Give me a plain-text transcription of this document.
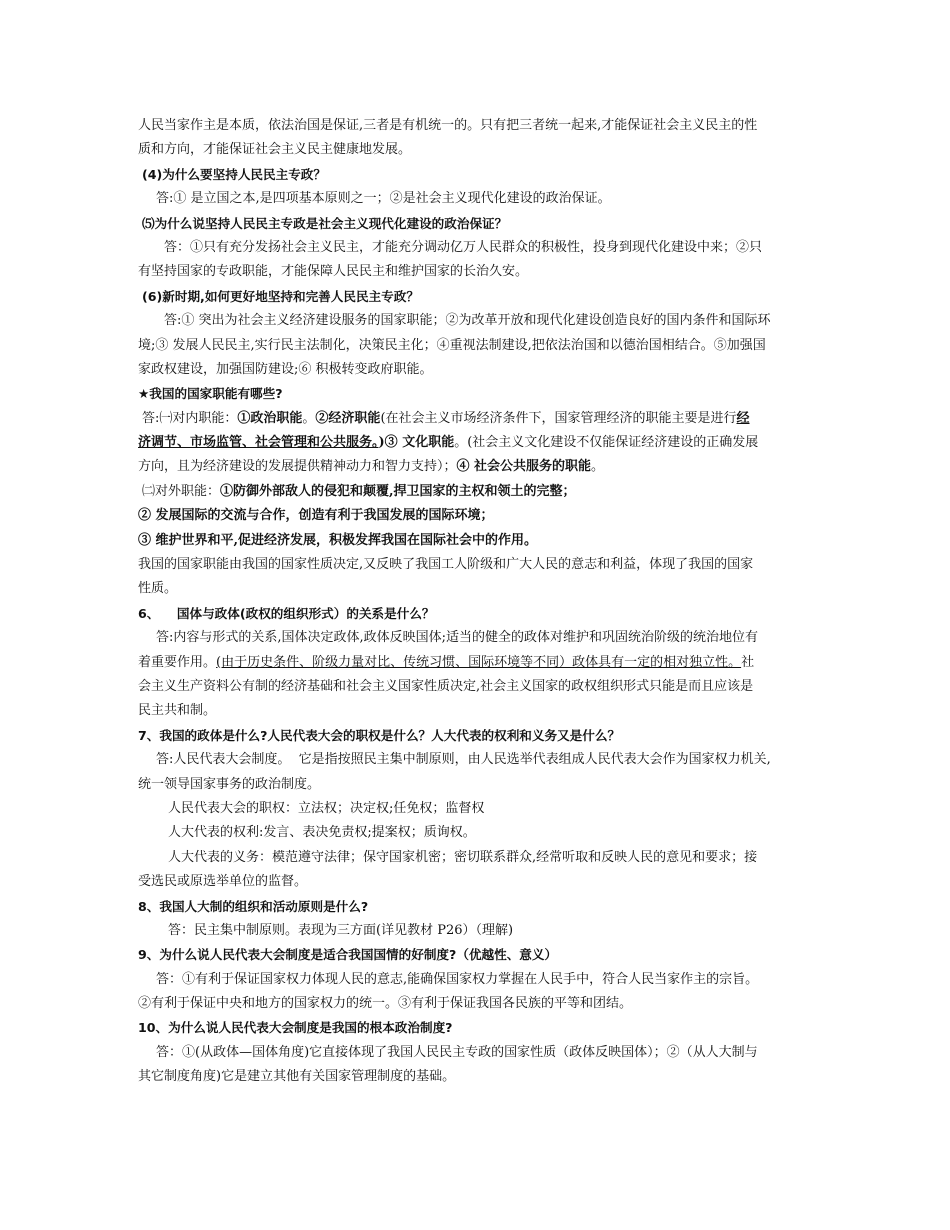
人民当家作主是本质，依法治国是保证,三者是有机统一的。只有把三者统一起来,才能保证社会主义民主的性

质和方向，才能保证社会主义民主健康地发展。

(4)为什么要坚持人民民主专政？

答:① 是立国之本,是四项基本原则之一；②是社会主义现代化建设的政治保证。

⑸为什么说坚持人民民主专政是社会主义现代化建设的政治保证？

答：①只有充分发扬社会主义民主，才能充分调动亿万人民群众的积极性，投身到现代化建设中来；②只

有坚持国家的专政职能，才能保障人民民主和维护国家的长治久安。

(6)新时期,如何更好地坚持和完善人民民主专政？

答:① 突出为社会主义经济建设服务的国家职能；②为改革开放和现代化建设创造良好的国内条件和国际环

境;③ 发展人民民主,实行民主法制化，决策民主化；④重视法制建设,把依法治国和以德治国相结合。⑤加强国

家政权建设，加强国防建设;⑥ 积极转变政府职能。

★我国的国家职能有哪些?

答:㈠对内职能：①政治职能。②经济职能(在社会主义市场经济条件下，国家管理经济的职能主要是进行经

济调节、市场监管、社会管理和公共服务。)③ 文化职能。(社会主义文化建设不仅能保证经济建设的正确发展

方向，且为经济建设的发展提供精神动力和智力支持）；④ 社会公共服务的职能。

㈡对外职能：①防御外部敌人的侵犯和颠覆,捍卫国家的主权和领土的完整；

② 发展国际的交流与合作，创造有利于我国发展的国际环境；

③ 维护世界和平,促进经济发展，积极发挥我国在国际社会中的作用。

我国的国家职能由我国的国家性质决定,又反映了我国工人阶级和广大人民的意志和利益，体现了我国的国家

性质。

6、    国体与政体(政权的组织形式）的关系是什么？

答:内容与形式的关系,国体决定政体,政体反映国体;适当的健全的政体对维护和巩固统治阶级的统治地位有

着重要作用。(由于历史条件、阶级力量对比、传统习惯、国际环境等不同）政体具有一定的相对独立性。社

会主义生产资料公有制的经济基础和社会主义国家性质决定,社会主义国家的政权组织形式只能是而且应该是

民主共和制。

7、我国的政体是什么?人民代表大会的职权是什么？人大代表的权利和义务又是什么？

答:人民代表大会制度。  它是指按照民主集中制原则，由人民选举代表组成人民代表大会作为国家权力机关,

统一领导国家事务的政治制度。

人民代表大会的职权：立法权；决定权;任免权；监督权

人大代表的权利:发言、表决免责权;提案权；质询权。

人大代表的义务：模范遵守法律；保守国家机密；密切联系群众,经常听取和反映人民的意见和要求；接

受选民或原选举单位的监督。

8、我国人大制的组织和活动原则是什么?

答：民主集中制原则。表现为三方面(详见教材 P26）（理解)

9、为什么说人民代表大会制度是适合我国国情的好制度?（优越性、意义）

答：①有利于保证国家权力体现人民的意志,能确保国家权力掌握在人民手中，符合人民当家作主的宗旨。

②有利于保证中央和地方的国家权力的统一。③有利于保证我国各民族的平等和团结。

10、为什么说人民代表大会制度是我国的根本政治制度?

答：①(从政体—国体角度)它直接体现了我国人民民主专政的国家性质（政体反映国体）；②（从人大制与

其它制度角度)它是建立其他有关国家管理制度的基础。
